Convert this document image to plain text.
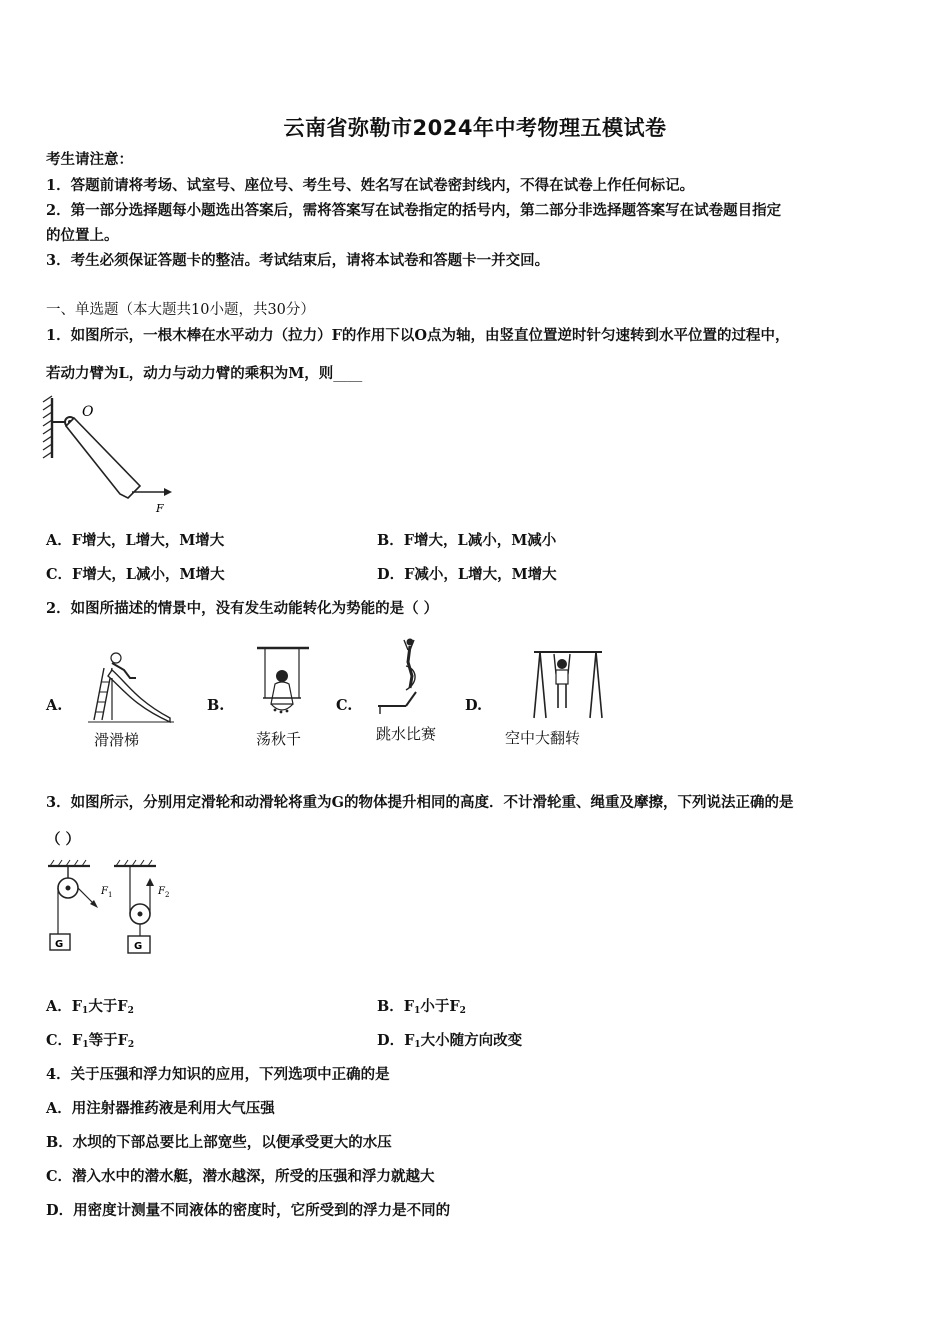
云南省弥勒市2024年中考物理五模试卷
考生请注意：
1．答题前请将考场、试室号、座位号、考生号、姓名写在试卷密封线内，不得在试卷上作任何标记。
2．第一部分选择题每小题选出答案后，需将答案写在试卷指定的括号内，第二部分非选择题答案写在试卷题目指定
的位置上。
3．考生必须保证答题卡的整洁。考试结束后，请将本试卷和答题卡一并交回。
一、单选题（本大题共10小题，共30分）
1．如图所示，一根木棒在水平动力（拉力）F的作用下以O点为轴，由竖直位置逆时针匀速转到水平位置的过程中，
若动力臂为L，动力与动力臂的乘积为M，则____
O
F
A．F增大，L增大，M增大	B．F增大，L减小，M减小
C．F增大，L减小，M增大	D．F减小，L增大，M增大
2．如图所描述的情景中，没有发生动能转化为势能的是（ ）
A.
滑滑梯
B.
荡秋千
C.
跳水比赛
D.
空中大翻转
3．如图所示，分别用定滑轮和动滑轮将重为G的物体提升相同的高度．不计滑轮重、绳重及摩擦，下列说法正确的是
（ ）
G
F 1
G
F 2
A．$F_1$大于$F_2$	B．$F_1$小于$F_2$
C．$F_1$等于$F_2$	D．$F_1$大小随方向改变
4．关于压强和浮力知识的应用，下列选项中正确的是
A．用注射器推药液是利用大气压强
B．水坝的下部总要比上部宽些，以便承受更大的水压
C．潜入水中的潜水艇，潜水越深，所受的压强和浮力就越大
D．用密度计测量不同液体的密度时，它所受到的浮力是不同的
